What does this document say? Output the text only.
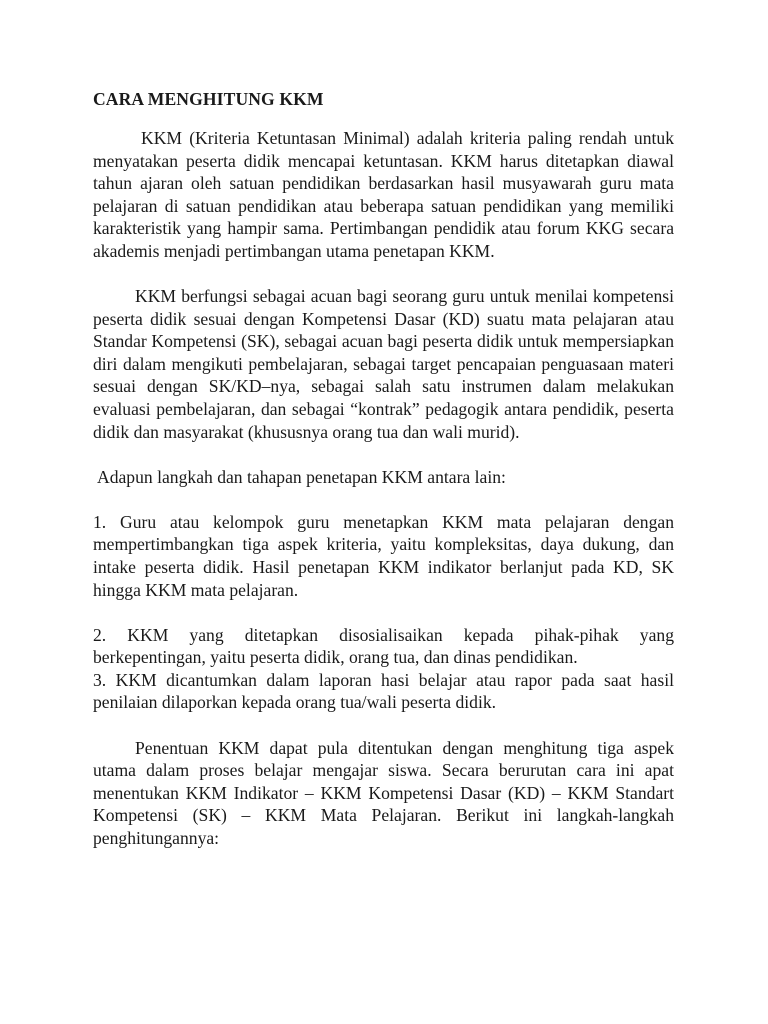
CARA MENGHITUNG KKM

KKM (Kriteria Ketuntasan Minimal) adalah kriteria paling rendah untuk menyatakan peserta didik mencapai ketuntasan. KKM harus ditetapkan diawal tahun ajaran oleh satuan pendidikan berdasarkan hasil musyawarah guru mata pelajaran di satuan pendidikan atau beberapa satuan pendidikan yang memiliki karakteristik yang hampir sama. Pertimbangan pendidik atau forum KKG secara akademis menjadi pertimbangan utama penetapan KKM.

KKM berfungsi sebagai acuan bagi seorang guru untuk menilai kompetensi peserta didik sesuai dengan Kompetensi Dasar (KD) suatu mata pelajaran atau Standar Kompetensi (SK), sebagai acuan bagi peserta didik untuk mempersiapkan diri dalam mengikuti pembelajaran, sebagai target pencapaian penguasaan materi sesuai dengan SK/KD–nya, sebagai salah satu instrumen dalam melakukan evaluasi pembelajaran, dan sebagai “kontrak” pedagogik antara pendidik, peserta didik dan masyarakat (khususnya orang tua dan wali murid).

Adapun langkah dan tahapan penetapan KKM antara lain:

1. Guru atau kelompok guru menetapkan KKM mata pelajaran dengan mempertimbangkan tiga aspek kriteria, yaitu kompleksitas, daya dukung, dan intake peserta didik. Hasil penetapan KKM indikator berlanjut pada KD, SK hingga KKM mata pelajaran.

2. KKM yang ditetapkan disosialisaikan kepada pihak-pihak yang berkepentingan, yaitu peserta didik, orang tua, dan dinas pendidikan.

3. KKM dicantumkan dalam laporan hasi belajar atau rapor pada saat hasil penilaian dilaporkan kepada orang tua/wali peserta didik.

Penentuan KKM dapat pula ditentukan dengan menghitung tiga aspek utama dalam proses belajar mengajar siswa. Secara berurutan cara ini apat menentukan KKM Indikator – KKM Kompetensi Dasar (KD) – KKM Standart Kompetensi (SK) – KKM Mata Pelajaran. Berikut ini langkah-langkah penghitungannya:
